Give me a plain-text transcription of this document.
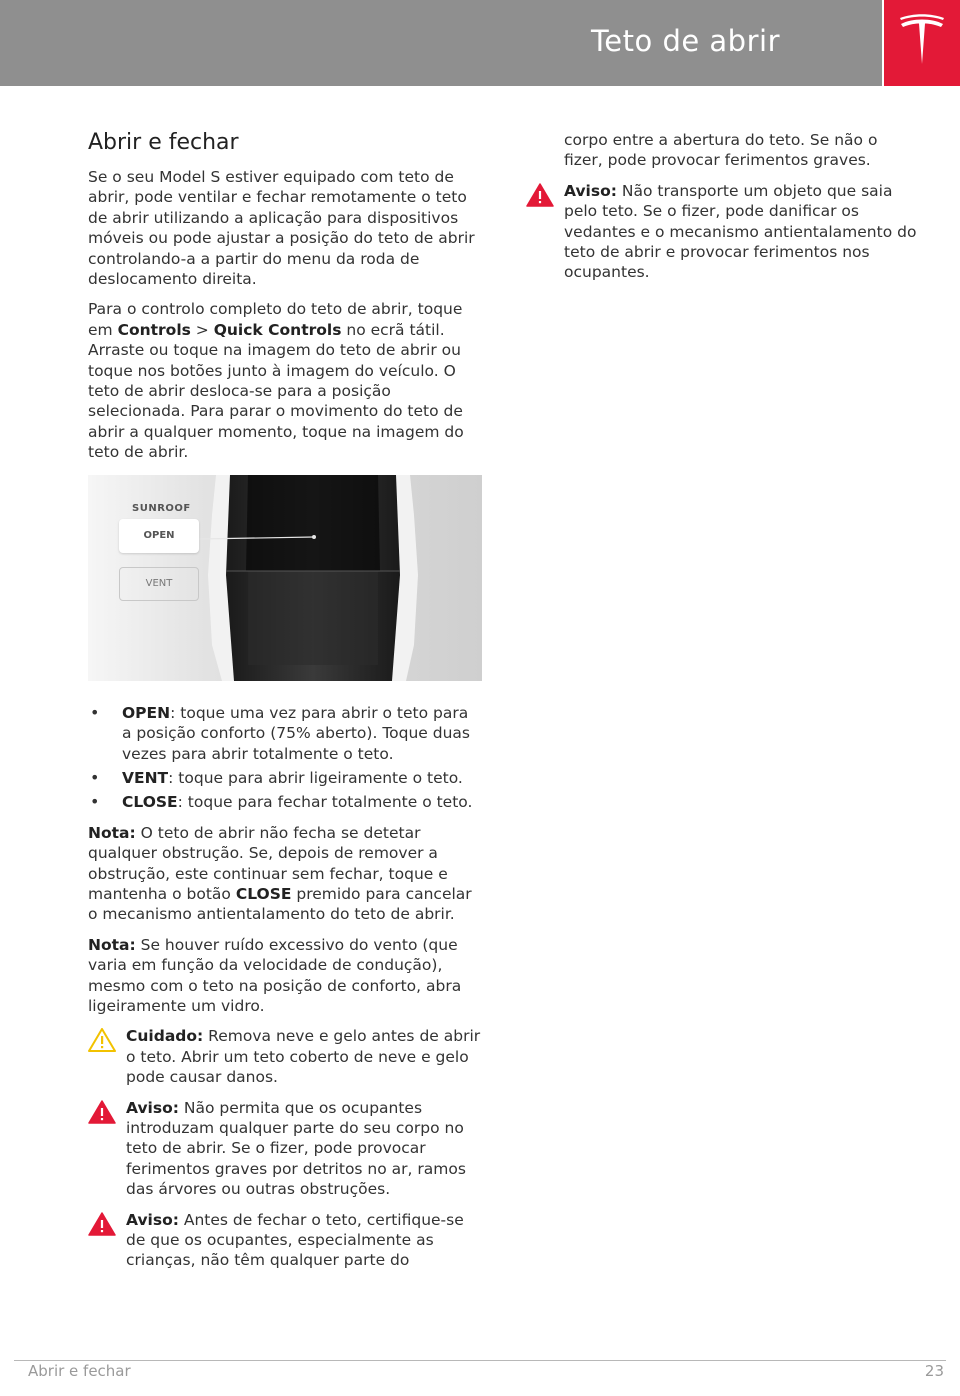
Teto de abrir
Abrir e fechar

Se o seu Model S estiver equipado com teto de abrir, pode ventilar e fechar remotamente o teto de abrir utilizando a aplicação para dispositivos móveis ou pode ajustar a posição do teto de abrir controlando-a a partir do menu da roda de deslocamento direita.

Para o controlo completo do teto de abrir, toque em Controls > Quick Controls no ecrã tátil. Arraste ou toque na imagem do teto de abrir ou toque nos botões junto à imagem do veículo. O teto de abrir desloca-se para a posição selecionada. Para parar o movimento do teto de abrir a qualquer momento, toque na imagem do teto de abrir.

SUNROOF
OPEN
VENT
• OPEN: toque uma vez para abrir o teto para a posição conforto (75% aberto). Toque duas vezes para abrir totalmente o teto.
• VENT: toque para abrir ligeiramente o teto.
• CLOSE: toque para fechar totalmente o teto.

Nota: O teto de abrir não fecha se detetar qualquer obstrução. Se, depois de remover a obstrução, este continuar sem fechar, toque e mantenha o botão CLOSE premido para cancelar o mecanismo antientalamento do teto de abrir.

Nota: Se houver ruído excessivo do vento (que varia em função da velocidade de condução), mesmo com o teto na posição de conforto, abra ligeiramente um vidro.

Cuidado: Remova neve e gelo antes de abrir o teto. Abrir um teto coberto de neve e gelo pode causar danos.
Aviso: Não permita que os ocupantes introduzam qualquer parte do seu corpo no teto de abrir. Se o fizer, pode provocar ferimentos graves por detritos no ar, ramos das árvores ou outras obstruções.
Aviso: Antes de fechar o teto, certifique-se de que os ocupantes, especialmente as crianças, não têm qualquer parte do
corpo entre a abertura do teto. Se não o fizer, pode provocar ferimentos graves.
Aviso: Não transporte um objeto que saia pelo teto. Se o fizer, pode danificar os vedantes e o mecanismo antientalamento do teto de abrir e provocar ferimentos nos ocupantes.
Abrir e fechar	23
